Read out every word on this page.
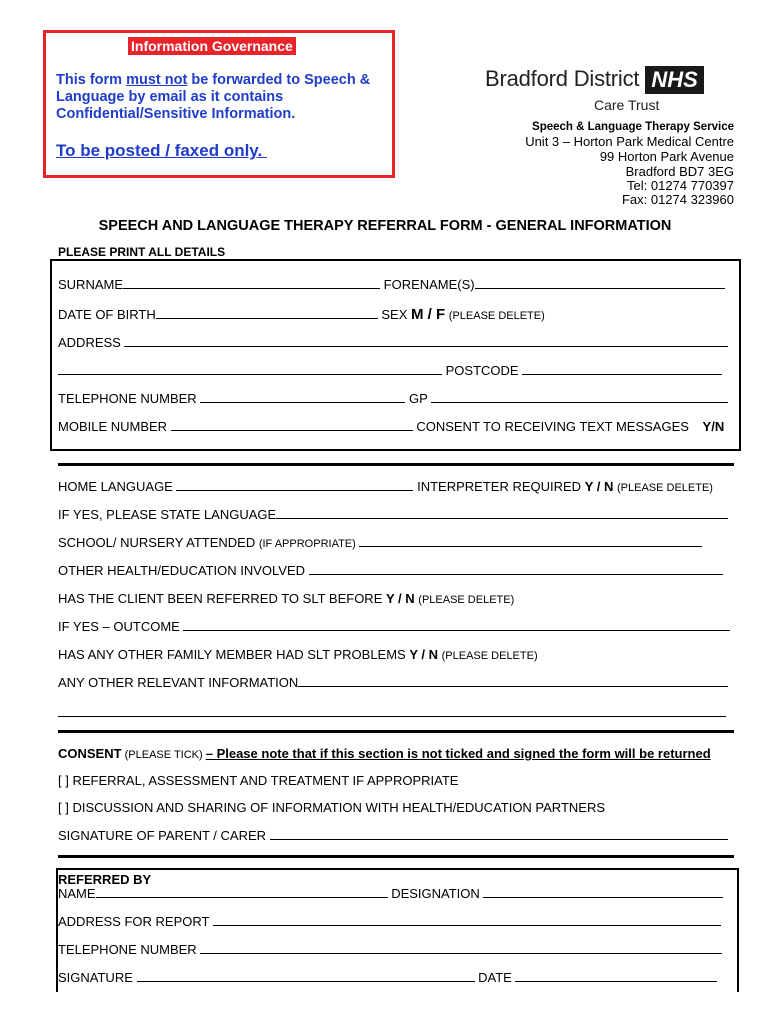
Information Governance
This form must not be forwarded to Speech & Language by email as it contains Confidential/Sensitive Information.
To be posted / faxed only.
Bradford District NHS
Care Trust
Speech & Language Therapy Service
Unit 3 – Horton Park Medical Centre
99 Horton Park Avenue
Bradford BD7 3EG
Tel: 01274 770397
Fax: 01274 323960
SPEECH AND LANGUAGE THERAPY REFERRAL FORM - GENERAL INFORMATION
PLEASE PRINT ALL DETAILS
SURNAME	FORENAME(S)
DATE OF BIRTH	SEX M / F (PLEASE DELETE)
ADDRESS
POSTCODE
TELEPHONE NUMBER	GP
MOBILE NUMBER	CONSENT TO RECEIVING TEXT MESSAGES Y/N
HOME LANGUAGE	INTERPRETER REQUIRED Y / N (PLEASE DELETE)
IF YES, PLEASE STATE LANGUAGE
SCHOOL/ NURSERY ATTENDED (IF APPROPRIATE)
OTHER HEALTH/EDUCATION INVOLVED
HAS THE CLIENT BEEN REFERRED TO SLT BEFORE Y / N (PLEASE DELETE)
IF YES – OUTCOME
HAS ANY OTHER FAMILY MEMBER HAD SLT PROBLEMS Y / N (PLEASE DELETE)
ANY OTHER RELEVANT INFORMATION
CONSENT (PLEASE TICK) – Please note that if this section is not ticked and signed the form will be returned
[ ] REFERRAL, ASSESSMENT AND TREATMENT IF APPROPRIATE
[ ] DISCUSSION AND SHARING OF INFORMATION WITH HEALTH/EDUCATION PARTNERS
SIGNATURE OF PARENT / CARER
REFERRED BY
NAME	DESIGNATION
ADDRESS FOR REPORT
TELEPHONE NUMBER
SIGNATURE	DATE
